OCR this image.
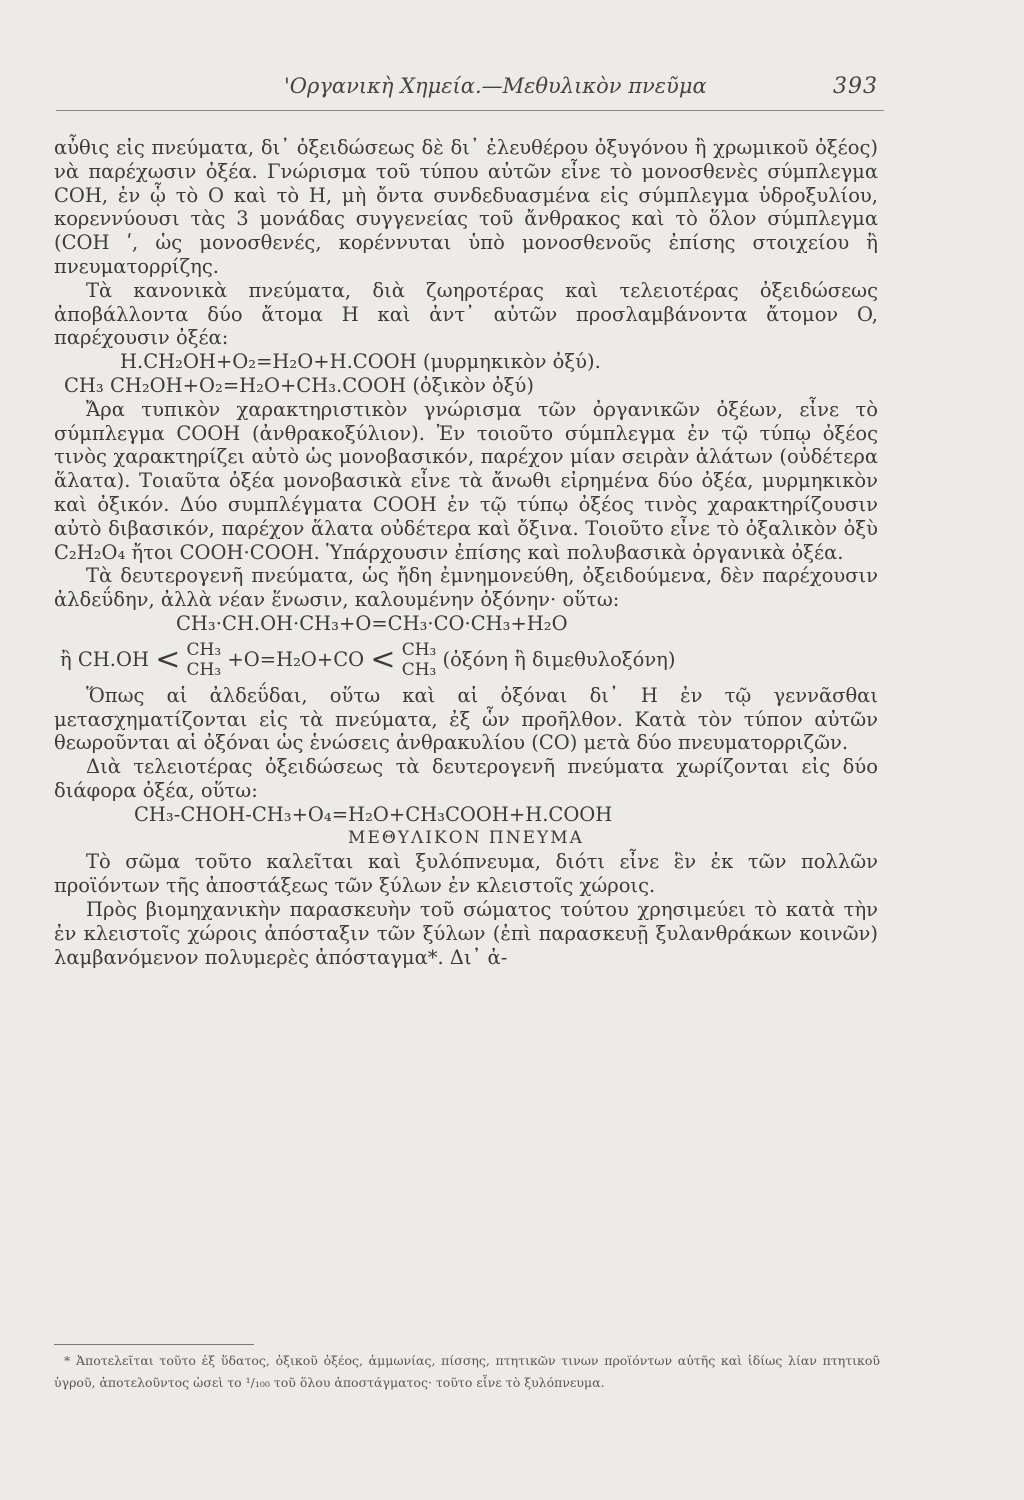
'Οργανικὴ Χημεία.—Μεθυλικὸν πνεῦμα	393

αὖθις εἰς πνεύματα, δι᾽ ὀξειδώσεως δὲ δι᾽ ἐλευθέρου ὀξυγόνου ἢ χρωμικοῦ ὀξέος) νὰ παρέχωσιν ὀξέα. Γνώρισμα τοῦ τύπου αὐτῶν εἶνε τὸ μονοσθενὲς σύμπλεγμα COH, ἐν ᾧ τὸ O καὶ τὸ H, μὴ ὄντα συνδεδυασμένα εἰς σύμπλεγμα ὑδροξυλίου, κορεννύουσι τὰς 3 μονάδας συγγενείας τοῦ ἄνθρακος καὶ τὸ ὅλον σύμπλεγμα (COH ʹ, ὡς μονοσθενές, κορέννυται ὑπὸ μονοσθενοῦς ἐπίσης στοιχείου ἢ πνευματορρίζης.

Τὰ κανονικὰ πνεύματα, διὰ ζωηροτέρας καὶ τελειοτέρας ὀξειδώσεως ἀποβάλλοντα δύο ἄτομα H καὶ ἀντ᾽ αὐτῶν προσλαμβάνοντα ἄτομον O, παρέχουσιν ὀξέα:

H.CH₂OH+O₂=H₂O+H.COOH (μυρμηκικὸν ὀξύ).

CH₃ CH₂OH+O₂=H₂O+CH₃.COOH (ὀξικὸν ὀξύ)

Ἄρα τυπικὸν χαρακτηριστικὸν γνώρισμα τῶν ὀργανικῶν ὀξέων, εἶνε τὸ σύμπλεγμα COOH (ἀνθρακοξύλιον). Ἐν τοιοῦτο σύμπλεγμα ἐν τῷ τύπῳ ὀξέος τινὸς χαρακτηρίζει αὐτὸ ὡς μονοβασικόν, παρέχον μίαν σειρὰν ἁλάτων (οὐδέτερα ἅλατα). Τοιαῦτα ὀξέα μονοβασικὰ εἶνε τὰ ἄνωθι εἰρημένα δύο ὀξέα, μυρμηκικὸν καὶ ὀξικόν. Δύο συμπλέγματα COOH ἐν τῷ τύπῳ ὀξέος τινὸς χαρακτηρίζουσιν αὐτὸ διβασικόν, παρέχον ἅλατα οὐδέτερα καὶ ὄξινα. Τοιοῦτο εἶνε τὸ ὀξαλικὸν ὀξὺ C₂H₂O₄ ἤτοι COOH·COOH. Ὑπάρχουσιν ἐπίσης καὶ πολυβασικὰ ὀργανικὰ ὀξέα.

Τὰ δευτερογενῆ πνεύματα, ὡς ἤδη ἐμνημονεύθη, ὀξειδούμενα, δὲν παρέχουσιν ἀλδεΰδην, ἀλλὰ νέαν ἕνωσιν, καλουμένην ὀξόνην· οὕτω:

CH₃·CH.OH·CH₃+O=CH₃·CO·CH₃+H₂O

ἢ CH.OH < CH₃
CH₃ +O=H₂O+CO < CH₃
CH₃ (ὀξόνη ἢ διμεθυλοξόνη)

Ὅπως αἱ ἀλδεΰδαι, οὕτω καὶ αἱ ὀξόναι δι᾽ H ἐν τῷ γεννᾶσθαι μετασχηματίζονται εἰς τὰ πνεύματα, ἐξ ὧν προῆλθον. Κατὰ τὸν τύπον αὐτῶν θεωροῦνται αἱ ὀξόναι ὡς ἑνώσεις ἀνθρακυλίου (CO) μετὰ δύο πνευματορριζῶν.

Διὰ τελειοτέρας ὀξειδώσεως τὰ δευτερογενῆ πνεύματα χωρίζονται εἰς δύο διάφορα ὀξέα, οὕτω:

CH₃-CHOH-CH₃+O₄=H₂O+CH₃COOH+H.COOH

ΜΕΘΥΛΙΚΟΝ ΠΝΕΥΜΑ

Τὸ σῶμα τοῦτο καλεῖται καὶ ξυλόπνευμα, διότι εἶνε ἓν ἐκ τῶν πολλῶν προϊόντων τῆς ἀποστάξεως τῶν ξύλων ἐν κλειστοῖς χώροις.

Πρὸς βιομηχανικὴν παρασκευὴν τοῦ σώματος τούτου χρησιμεύει τὸ κατὰ τὴν ἐν κλειστοῖς χώροις ἀπόσταξιν τῶν ξύλων (ἐπὶ παρασκευῇ ξυλανθράκων κοινῶν) λαμβανόμενον πολυμερὲς ἀπόσταγμα*. Δι᾽ ἀ-

* Ἀποτελεῖται τοῦτο ἐξ ὕδατος, ὀξικοῦ ὀξέος, ἀμμωνίας, πίσσης, πτητικῶν τινων προϊόντων αὐτῆς καὶ ἰδίως λίαν πτητικοῦ ὑγροῦ, ἀποτελοῦντος ὡσεὶ το ¹/₁₀₀ τοῦ ὅλου ἀποστάγματος· τοῦτο εἶνε τὸ ξυλόπνευμα.
